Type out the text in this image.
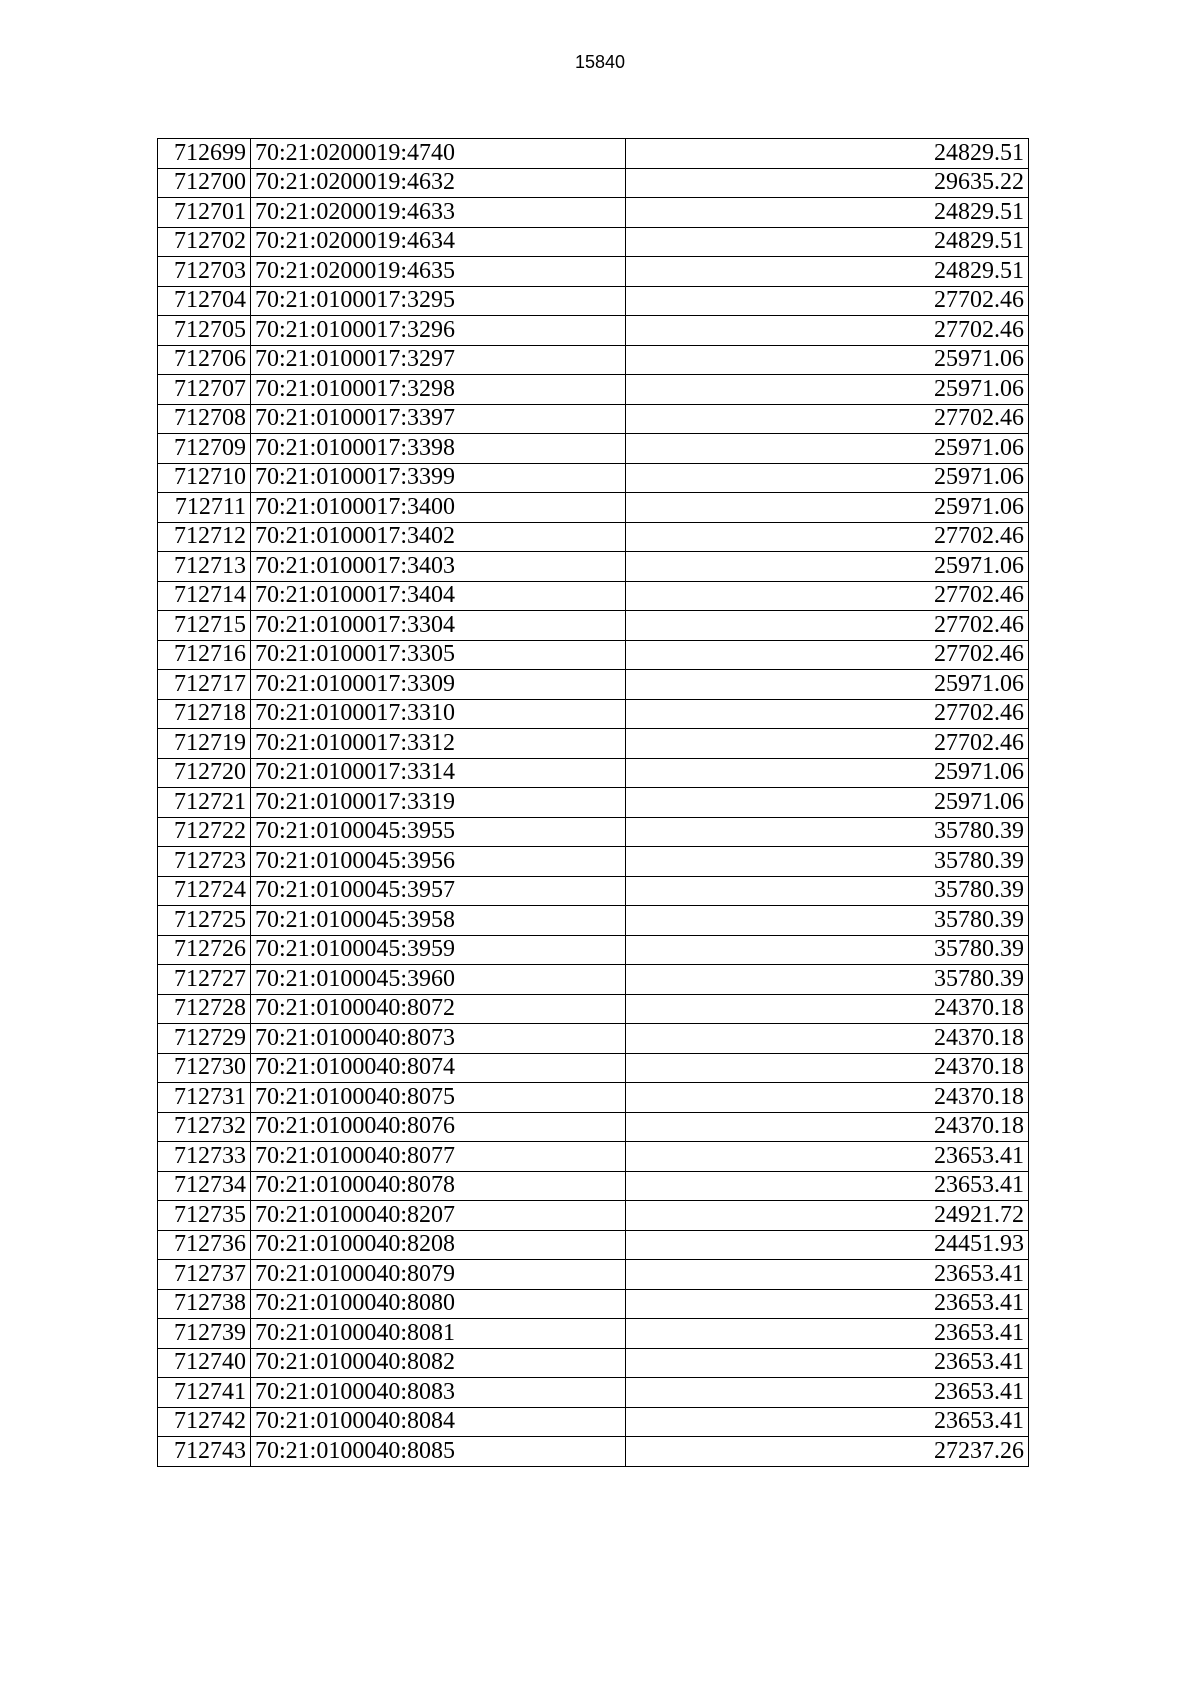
15840
712699	70:21:0200019:4740	24829.51
712700	70:21:0200019:4632	29635.22
712701	70:21:0200019:4633	24829.51
712702	70:21:0200019:4634	24829.51
712703	70:21:0200019:4635	24829.51
712704	70:21:0100017:3295	27702.46
712705	70:21:0100017:3296	27702.46
712706	70:21:0100017:3297	25971.06
712707	70:21:0100017:3298	25971.06
712708	70:21:0100017:3397	27702.46
712709	70:21:0100017:3398	25971.06
712710	70:21:0100017:3399	25971.06
712711	70:21:0100017:3400	25971.06
712712	70:21:0100017:3402	27702.46
712713	70:21:0100017:3403	25971.06
712714	70:21:0100017:3404	27702.46
712715	70:21:0100017:3304	27702.46
712716	70:21:0100017:3305	27702.46
712717	70:21:0100017:3309	25971.06
712718	70:21:0100017:3310	27702.46
712719	70:21:0100017:3312	27702.46
712720	70:21:0100017:3314	25971.06
712721	70:21:0100017:3319	25971.06
712722	70:21:0100045:3955	35780.39
712723	70:21:0100045:3956	35780.39
712724	70:21:0100045:3957	35780.39
712725	70:21:0100045:3958	35780.39
712726	70:21:0100045:3959	35780.39
712727	70:21:0100045:3960	35780.39
712728	70:21:0100040:8072	24370.18
712729	70:21:0100040:8073	24370.18
712730	70:21:0100040:8074	24370.18
712731	70:21:0100040:8075	24370.18
712732	70:21:0100040:8076	24370.18
712733	70:21:0100040:8077	23653.41
712734	70:21:0100040:8078	23653.41
712735	70:21:0100040:8207	24921.72
712736	70:21:0100040:8208	24451.93
712737	70:21:0100040:8079	23653.41
712738	70:21:0100040:8080	23653.41
712739	70:21:0100040:8081	23653.41
712740	70:21:0100040:8082	23653.41
712741	70:21:0100040:8083	23653.41
712742	70:21:0100040:8084	23653.41
712743	70:21:0100040:8085	27237.26
